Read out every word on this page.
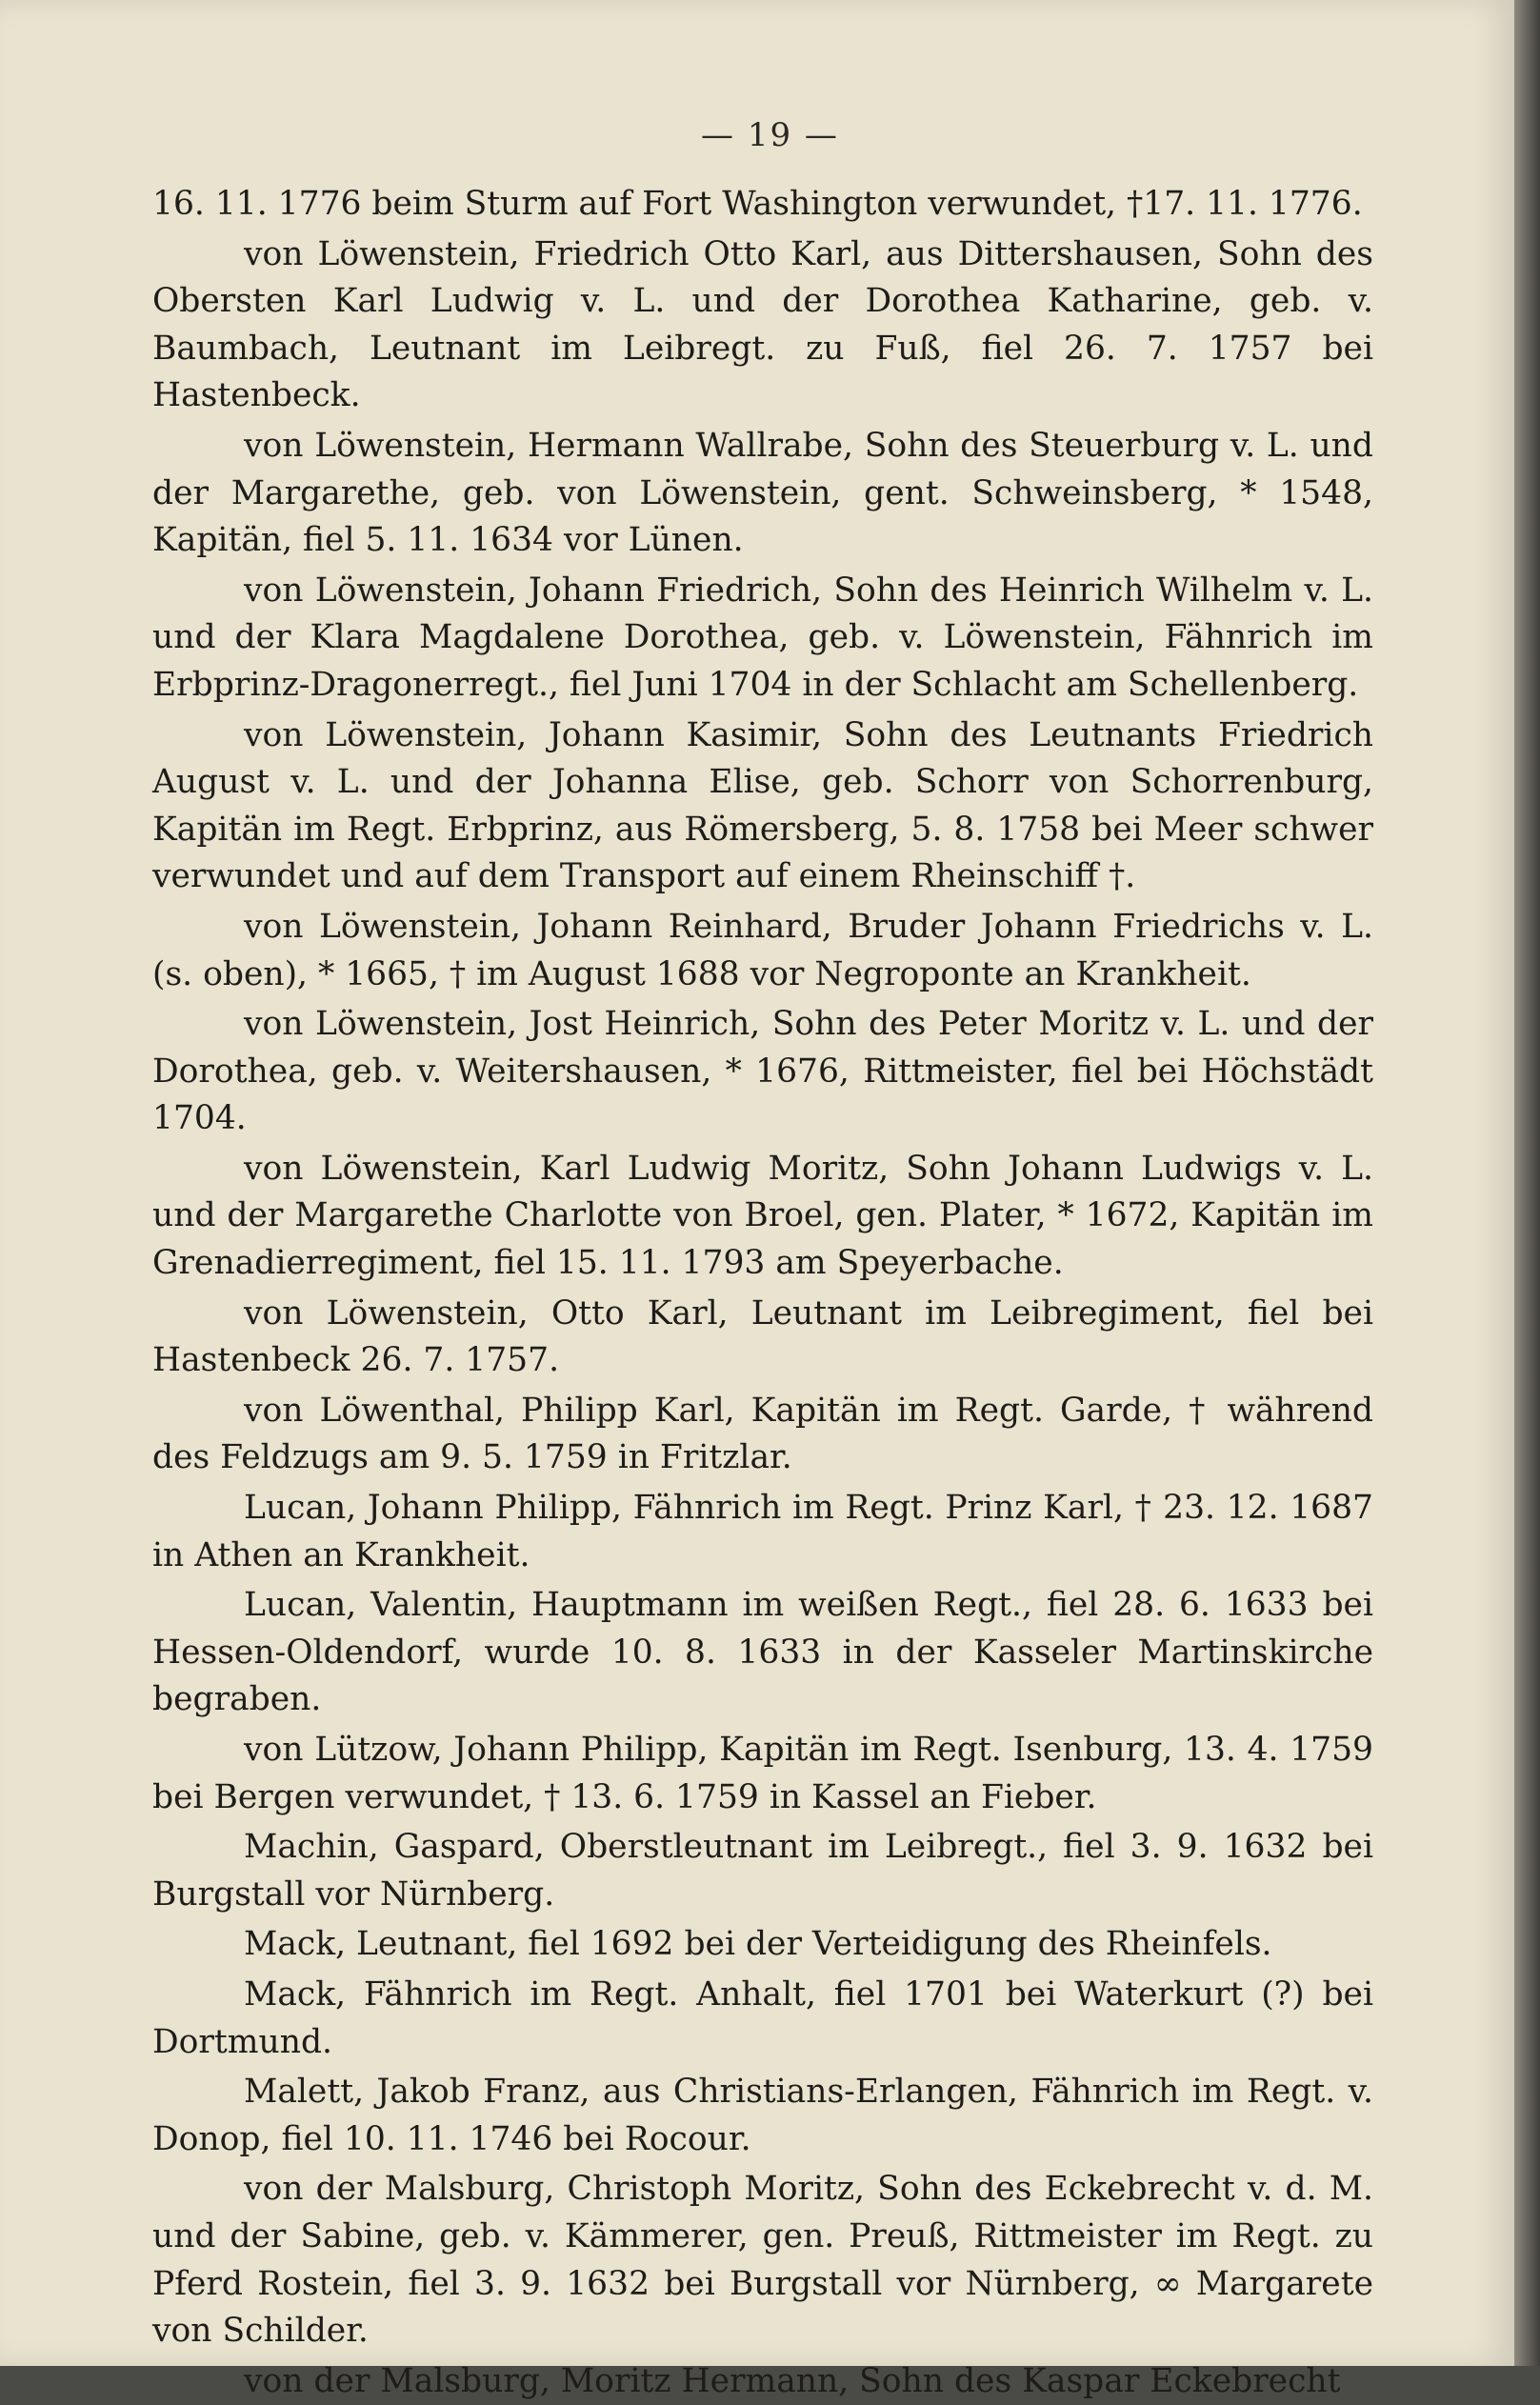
— 19 —

16. 11. 1776 beim Sturm auf Fort Washington verwundet, †17. 11. 1776.

von Löwenstein, Friedrich Otto Karl, aus Dittershausen, Sohn des Obersten Karl Ludwig v. L. und der Dorothea Katharine, geb. v. Baumbach, Leutnant im Leibregt. zu Fuß, fiel 26. 7. 1757 bei Hastenbeck.

von Löwenstein, Hermann Wallrabe, Sohn des Steuerburg v. L. und der Margarethe, geb. von Löwenstein, gent. Schweinsberg, * 1548, Kapitän, fiel 5. 11. 1634 vor Lünen.

von Löwenstein, Johann Friedrich, Sohn des Heinrich Wilhelm v. L. und der Klara Magdalene Dorothea, geb. v. Löwenstein, Fähnrich im Erbprinz-Dragonerregt., fiel Juni 1704 in der Schlacht am Schellenberg.

von Löwenstein, Johann Kasimir, Sohn des Leutnants Friedrich August v. L. und der Johanna Elise, geb. Schorr von Schorrenburg, Kapitän im Regt. Erbprinz, aus Römersberg, 5. 8. 1758 bei Meer schwer verwundet und auf dem Transport auf einem Rheinschiff †.

von Löwenstein, Johann Reinhard, Bruder Johann Friedrichs v. L. (s. oben), * 1665, † im August 1688 vor Negroponte an Krankheit.

von Löwenstein, Jost Heinrich, Sohn des Peter Moritz v. L. und der Dorothea, geb. v. Weitershausen, * 1676, Rittmeister, fiel bei Höchstädt 1704.

von Löwenstein, Karl Ludwig Moritz, Sohn Johann Ludwigs v. L. und der Margarethe Charlotte von Broel, gen. Plater, * 1672, Kapitän im Grenadierregiment, fiel 15. 11. 1793 am Speyerbache.

von Löwenstein, Otto Karl, Leutnant im Leibregiment, fiel bei Hastenbeck 26. 7. 1757.

von Löwenthal, Philipp Karl, Kapitän im Regt. Garde, † während des Feldzugs am 9. 5. 1759 in Fritzlar.

Lucan, Johann Philipp, Fähnrich im Regt. Prinz Karl, † 23. 12. 1687 in Athen an Krankheit.

Lucan, Valentin, Hauptmann im weißen Regt., fiel 28. 6. 1633 bei Hessen-Oldendorf, wurde 10. 8. 1633 in der Kasseler Martinskirche begraben.

von Lützow, Johann Philipp, Kapitän im Regt. Isenburg, 13. 4. 1759 bei Bergen verwundet, † 13. 6. 1759 in Kassel an Fieber.

Machin, Gaspard, Oberstleutnant im Leibregt., fiel 3. 9. 1632 bei Burgstall vor Nürnberg.

Mack, Leutnant, fiel 1692 bei der Verteidigung des Rheinfels.

Mack, Fähnrich im Regt. Anhalt, fiel 1701 bei Waterkurt (?) bei Dortmund.

Malett, Jakob Franz, aus Christians-Erlangen, Fähnrich im Regt. v. Donop, fiel 10. 11. 1746 bei Rocour.

von der Malsburg, Christoph Moritz, Sohn des Eckebrecht v. d. M. und der Sabine, geb. v. Kämmerer, gen. Preuß, Rittmeister im Regt. zu Pferd Rostein, fiel 3. 9. 1632 bei Burgstall vor Nürnberg, ∞ Margarete von Schilder.

von der Malsburg, Moritz Hermann, Sohn des Kaspar Eckebrecht
